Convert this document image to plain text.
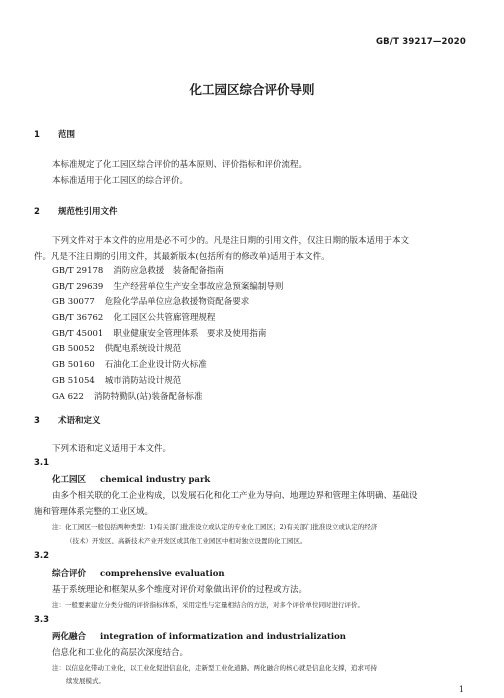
GB/T 39217—2020
化工园区综合评价导则
1 范围
本标准规定了化工园区综合评价的基本原则、评价指标和评价流程。
本标准适用于化工园区的综合评价。
2 规范性引用文件
下列文件对于本文件的应用是必不可少的。凡是注日期的引用文件，仅注日期的版本适用于本文
件。凡是不注日期的引用文件，其最新版本(包括所有的修改单)适用于本文件。
GB/T 29178 消防应急救援　装备配备指南
GB/T 29639 生产经营单位生产安全事故应急预案编制导则
GB 30077 危险化学品单位应急救援物资配备要求
GB/T 36762 化工园区公共管廊管理规程
GB/T 45001 职业健康安全管理体系　要求及使用指南
GB 50052 供配电系统设计规范
GB 50160 石油化工企业设计防火标准
GB 51054 城市消防站设计规范
GA 622 消防特勤队(站)装备配备标准
3 术语和定义
下列术语和定义适用于本文件。
3.1
化工园区 chemical industry park
由多个相关联的化工企业构成，以发展石化和化工产业为导向、地理边界和管理主体明确、基础设
施和管理体系完整的工业区域。
注：化工园区一般包括两种类型：1)有关部门批准设立或认定的专业化工园区；2)有关部门批准设立或认定的经济
（技术）开发区、高新技术产业开发区或其他工业园区中相对独立设置的化工园区。
3.2
综合评价 comprehensive evaluation
基于系统理论和框架从多个维度对评价对象做出评价的过程或方法。
注：一般要素建立分类分级的评价指标体系，采用定性与定量相结合的方法，对多个评价单位同时进行评价。
3.3
两化融合 integration of informatization and industrialization
信息化和工业化的高层次深度结合。
注：以信息化带动工业化，以工业化促进信息化，走新型工业化道路。两化融合的核心就是信息化支撑，追求可持
续发展模式。
1
